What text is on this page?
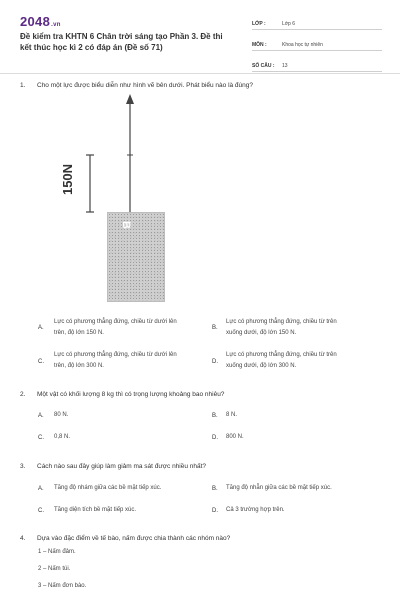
2048.vn
Đề kiểm tra KHTN 6 Chân trời sáng tạo Phần 3. Đề thi kết thúc học kì 2 có đáp án (Đề số 71)
LỚP :	Lớp 6
MÔN :	Khoa học tự nhiên
SỐ CÂU :	13
1.	Cho một lực được biểu diễn như hình vẽ bên dưới. Phát biểu nào là đúng?
B
150N
A.
Lực có phương thẳng đứng, chiều từ dưới lên trên, độ lớn 150 N.
B.
Lực có phương thẳng đứng, chiều từ trên xuống dưới, độ lớn 150 N.
C.
Lực có phương thẳng đứng, chiều từ dưới lên trên, độ lớn 300 N.
D.
Lực có phương thẳng đứng, chiều từ trên xuống dưới, độ lớn 300 N.
2.	Một vật có khối lượng 8 kg thì có trọng lượng khoảng bao nhiêu?
A. 80 N.	B. 8 N.
C. 0,8 N.	D. 800 N.
3.	Cách nào sau đây giúp làm giảm ma sát được nhiều nhất?
A. Tăng độ nhám giữa các bề mặt tiếp xúc.	B. Tăng độ nhẵn giữa các bề mặt tiếp xúc.
C. Tăng diện tích bề mặt tiếp xúc.	D. Cả 3 trường hợp trên.
4.	Dựa vào đặc điểm về tế bào, nấm được chia thành các nhóm nào?
1 – Nấm đảm.
2 – Nấm túi.
3 – Nấm đơn bào.
